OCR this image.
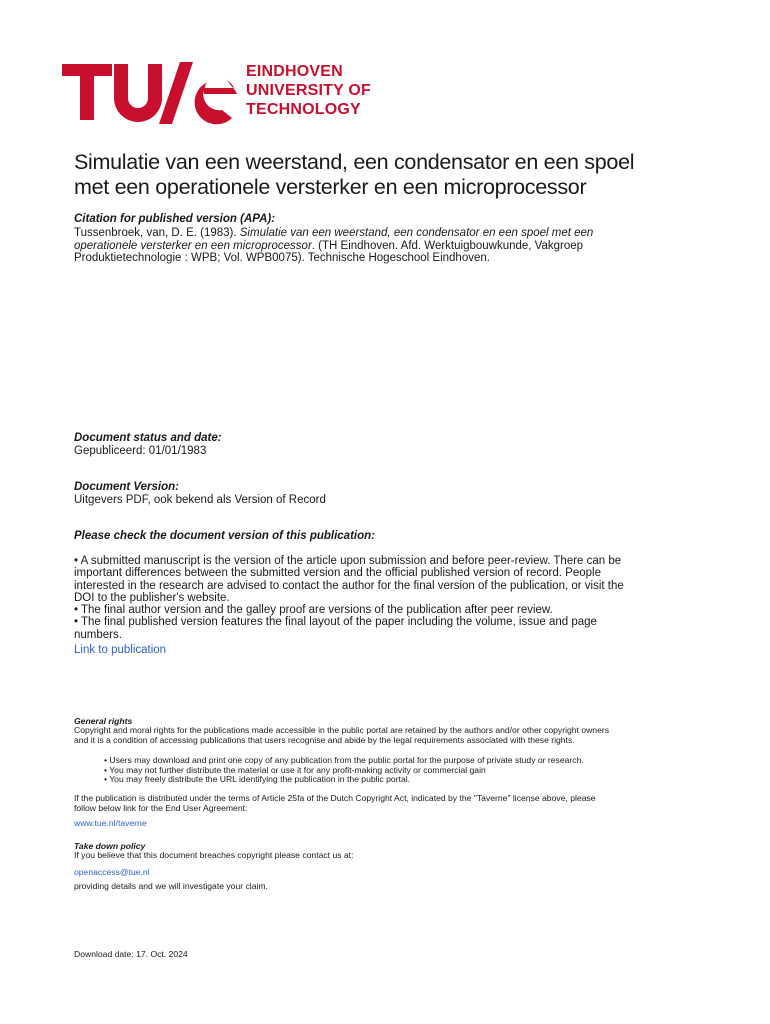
EINDHOVEN
UNIVERSITY OF
TECHNOLOGY
Simulatie van een weerstand, een condensator en een spoel
met een operationele versterker en een microprocessor
Citation for published version (APA):
Tussenbroek, van, D. E. (1983). Simulatie van een weerstand, een condensator en een spoel met een
operationele versterker en een microprocessor. (TH Eindhoven. Afd. Werktuigbouwkunde, Vakgroep
Produktietechnologie : WPB; Vol. WPB0075). Technische Hogeschool Eindhoven.
Document status and date:
Gepubliceerd: 01/01/1983
Document Version:
Uitgevers PDF, ook bekend als Version of Record
Please check the document version of this publication:
• A submitted manuscript is the version of the article upon submission and before peer-review. There can be
important differences between the submitted version and the official published version of record. People
interested in the research are advised to contact the author for the final version of the publication, or visit the
DOI to the publisher's website.
• The final author version and the galley proof are versions of the publication after peer review.
• The final published version features the final layout of the paper including the volume, issue and page
numbers.
Link to publication
General rights
Copyright and moral rights for the publications made accessible in the public portal are retained by the authors and/or other copyright owners
and it is a condition of accessing publications that users recognise and abide by the legal requirements associated with these rights.
• Users may download and print one copy of any publication from the public portal for the purpose of private study or research.
• You may not further distribute the material or use it for any profit-making activity or commercial gain
• You may freely distribute the URL identifying the publication in the public portal.
If the publication is distributed under the terms of Article 25fa of the Dutch Copyright Act, indicated by the "Taverne" license above, please
follow below link for the End User Agreement:
www.tue.nl/taverne
Take down policy
If you believe that this document breaches copyright please contact us at:
openaccess@tue.nl
providing details and we will investigate your claim.
Download date: 17. Oct. 2024
